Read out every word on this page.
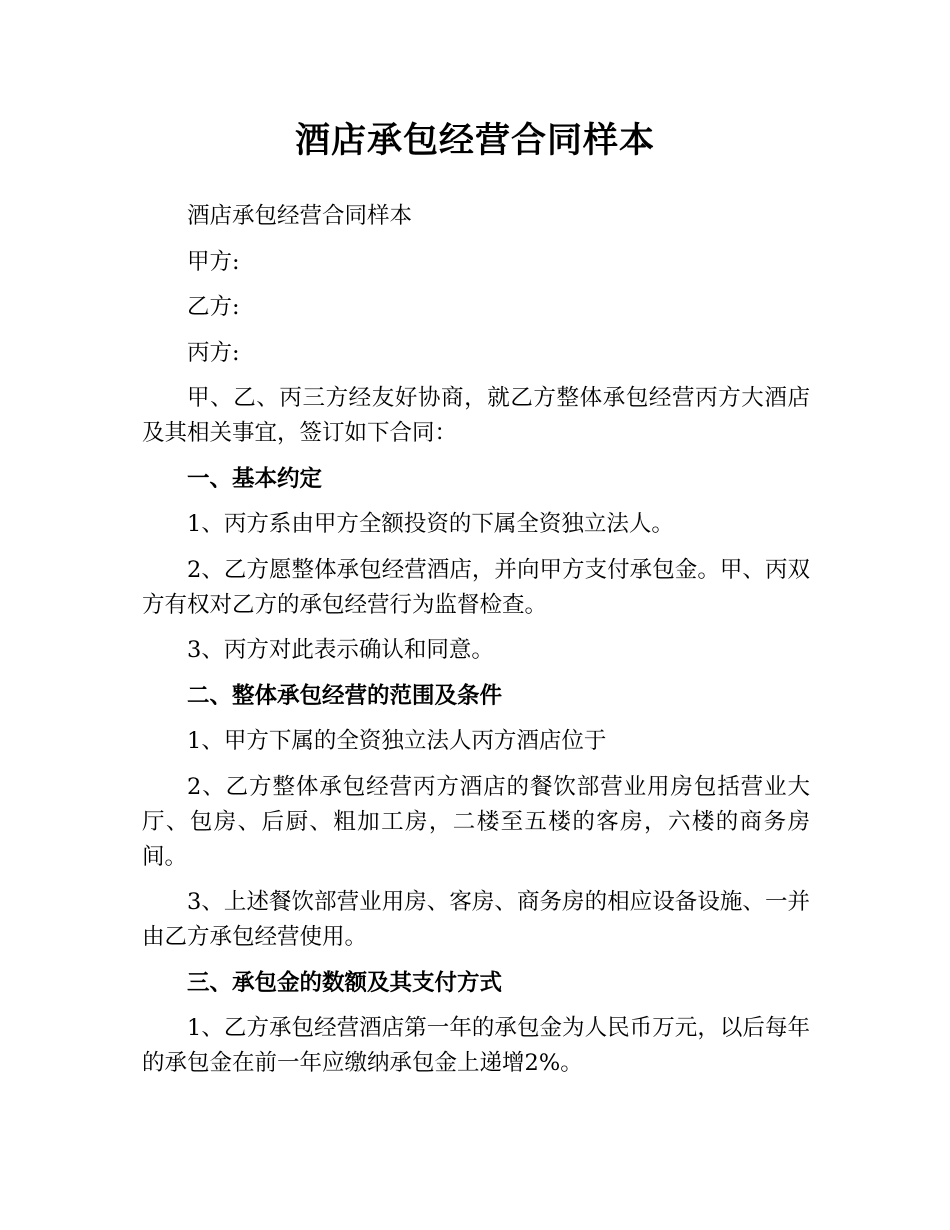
酒店承包经营合同样本

酒店承包经营合同样本

甲方:

乙方:

丙方:

甲、乙、丙三方经友好协商，就乙方整体承包经营丙方大酒店及其相关事宜，签订如下合同：

一、基本约定

1、丙方系由甲方全额投资的下属全资独立法人。

2、乙方愿整体承包经营酒店，并向甲方支付承包金。甲、丙双方有权对乙方的承包经营行为监督检查。

3、丙方对此表示确认和同意。

二、整体承包经营的范围及条件

1、甲方下属的全资独立法人丙方酒店位于

2、乙方整体承包经营丙方酒店的餐饮部营业用房包括营业大厅、包房、后厨、粗加工房，二楼至五楼的客房，六楼的商务房间。

3、上述餐饮部营业用房、客房、商务房的相应设备设施、一并由乙方承包经营使用。

三、承包金的数额及其支付方式

1、乙方承包经营酒店第一年的承包金为人民币万元，以后每年的承包金在前一年应缴纳承包金上递增2%。
